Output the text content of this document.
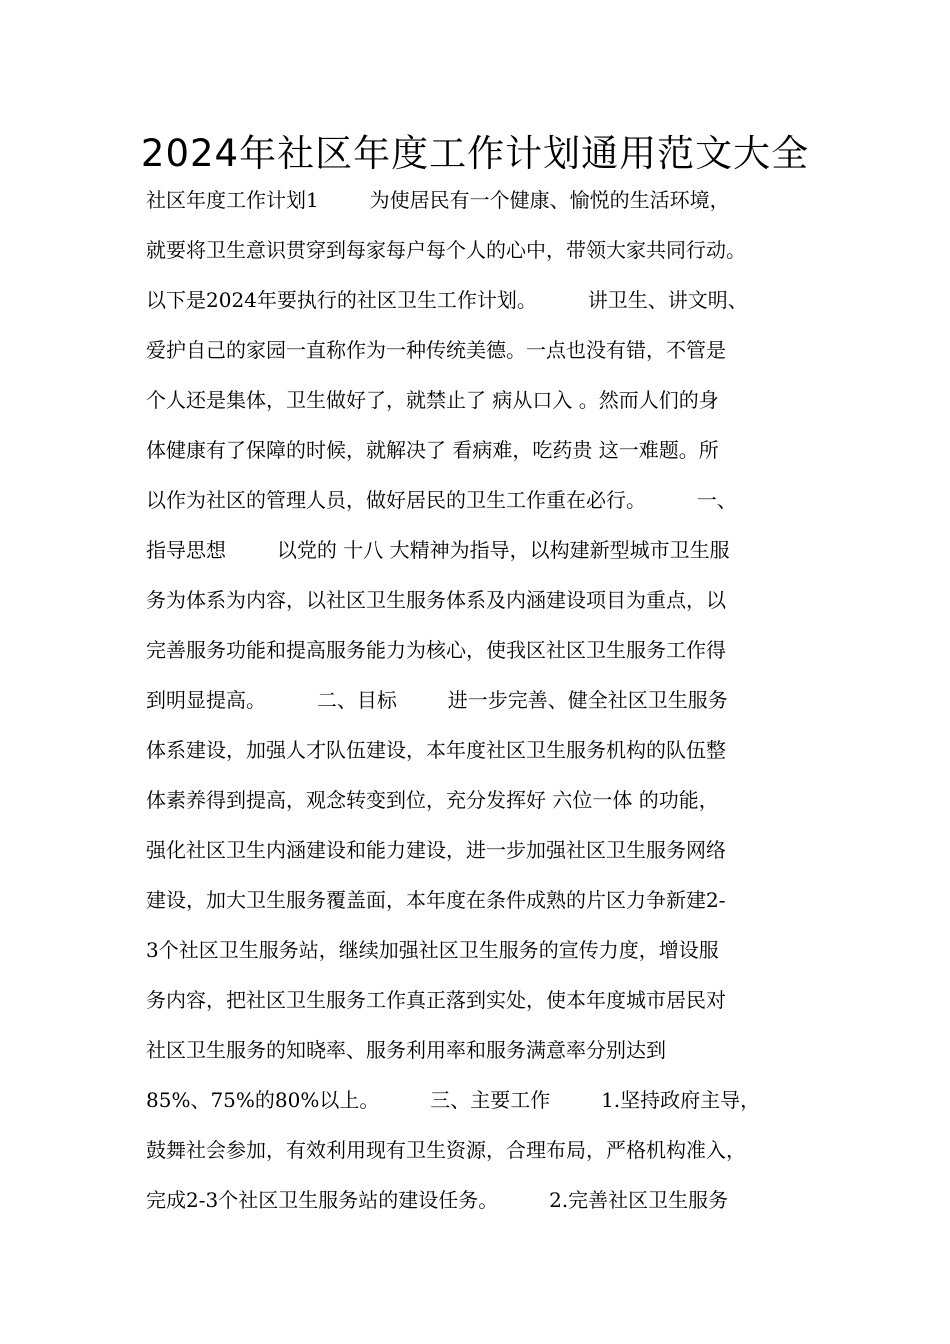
2024年社区年度工作计划通用范文大全
社区年度工作计划1        为使居民有一个健康、愉悦的生活环境，
就要将卫生意识贯穿到每家每户每个人的心中，带领大家共同行动。
以下是2024年要执行的社区卫生工作计划。        讲卫生、讲文明、
爱护自己的家园一直称作为一种传统美德。一点也没有错，不管是
个人还是集体，卫生做好了，就禁止了 病从口入 。然而人们的身
体健康有了保障的时候，就解决了 看病难，吃药贵 这一难题。所
以作为社区的管理人员，做好居民的卫生工作重在必行。        一、
指导思想        以党的 十八 大精神为指导，以构建新型城市卫生服
务为体系为内容，以社区卫生服务体系及内涵建设项目为重点，以
完善服务功能和提高服务能力为核心，使我区社区卫生服务工作得
到明显提高。        二、目标        进一步完善、健全社区卫生服务
体系建设，加强人才队伍建设，本年度社区卫生服务机构的队伍整
体素养得到提高，观念转变到位，充分发挥好 六位一体 的功能，
强化社区卫生内涵建设和能力建设，进一步加强社区卫生服务网络
建设，加大卫生服务覆盖面，本年度在条件成熟的片区力争新建2-
3个社区卫生服务站，继续加强社区卫生服务的宣传力度，增设服
务内容，把社区卫生服务工作真正落到实处，使本年度城市居民对
社区卫生服务的知晓率、服务利用率和服务满意率分别达到
85%、75%的80%以上。        三、主要工作        1.坚持政府主导，
鼓舞社会参加，有效利用现有卫生资源，合理布局，严格机构准入，
完成2-3个社区卫生服务站的建设任务。        2.完善社区卫生服务
